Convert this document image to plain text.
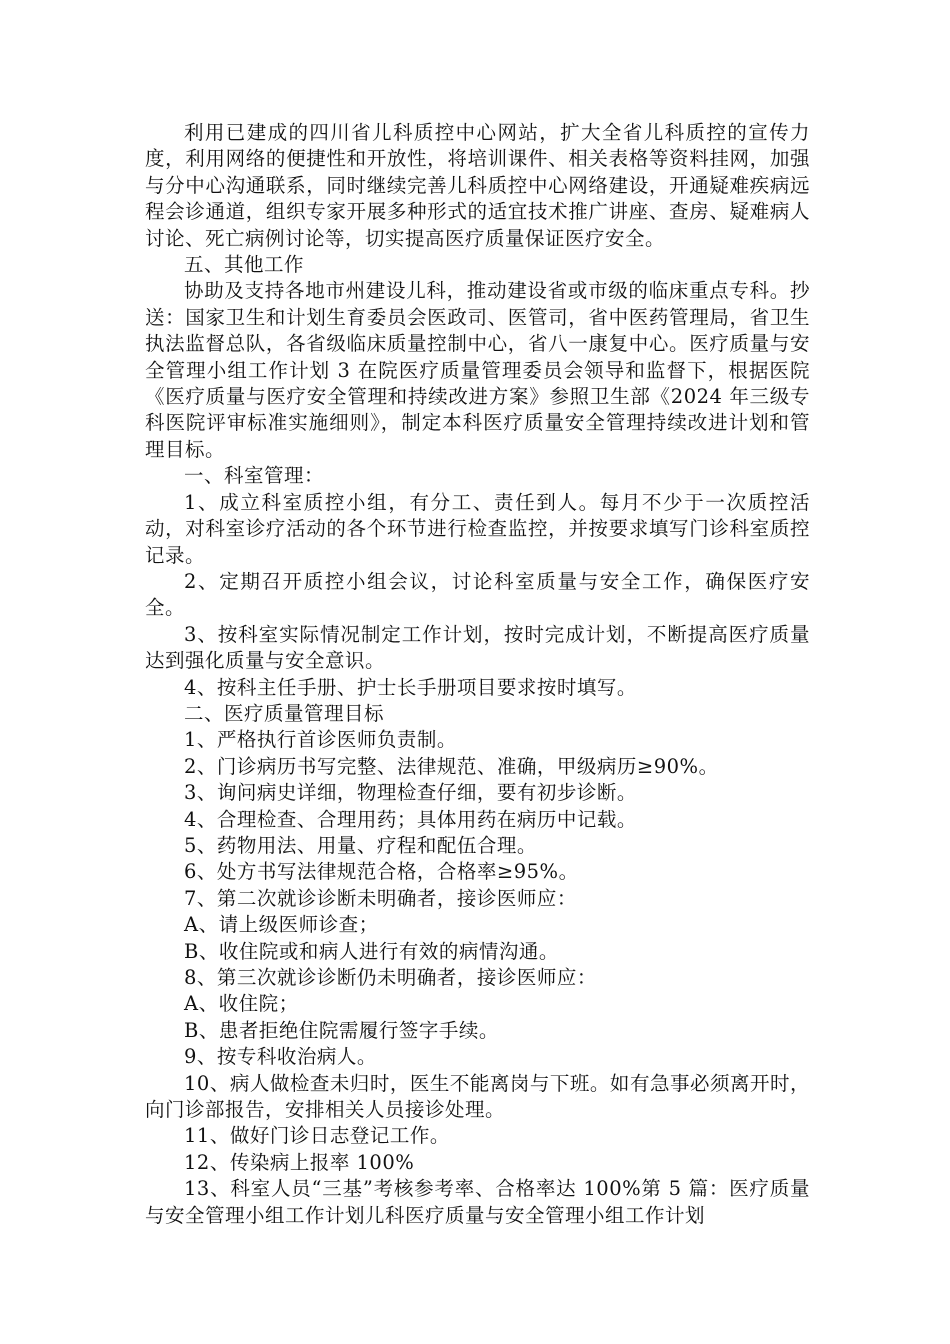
利用已建成的四川省儿科质控中心网站，扩大全省儿科质控的宣传力度，利用网络的便捷性和开放性，将培训课件、相关表格等资料挂网，加强与分中心沟通联系，同时继续完善儿科质控中心网络建设，开通疑难疾病远程会诊通道，组织专家开展多种形式的适宜技术推广讲座、查房、疑难病人讨论、死亡病例讨论等，切实提高医疗质量保证医疗安全。

五、其他工作

协助及支持各地市州建设儿科，推动建设省或市级的临床重点专科。抄送：国家卫生和计划生育委员会医政司、医管司，省中医药管理局，省卫生执法监督总队，各省级临床质量控制中心，省八一康复中心。医疗质量与安全管理小组工作计划 3 在院医疗质量管理委员会领导和监督下，根据医院《医疗质量与医疗安全管理和持续改进方案》参照卫生部《2024 年三级专科医院评审标准实施细则》，制定本科医疗质量安全管理持续改进计划和管理目标。

一、科室管理：

1、成立科室质控小组，有分工、责任到人。每月不少于一次质控活动，对科室诊疗活动的各个环节进行检查监控，并按要求填写门诊科室质控记录。

2、定期召开质控小组会议，讨论科室质量与安全工作，确保医疗安全。

3、按科室实际情况制定工作计划，按时完成计划，不断提高医疗质量达到强化质量与安全意识。

4、按科主任手册、护士长手册项目要求按时填写。

二、医疗质量管理目标

1、严格执行首诊医师负责制。

2、门诊病历书写完整、法律规范、准确，甲级病历≥90%。

3、询问病史详细，物理检查仔细，要有初步诊断。

4、合理检查、合理用药；具体用药在病历中记载。

5、药物用法、用量、疗程和配伍合理。

6、处方书写法律规范合格，合格率≥95%。

7、第二次就诊诊断未明确者，接诊医师应：

A、请上级医师诊查；

B、收住院或和病人进行有效的病情沟通。

8、第三次就诊诊断仍未明确者，接诊医师应：

A、收住院；

B、患者拒绝住院需履行签字手续。

9、按专科收治病人。

10、病人做检查未归时，医生不能离岗与下班。如有急事必须离开时，向门诊部报告，安排相关人员接诊处理。

11、做好门诊日志登记工作。

12、传染病上报率 100%

13、科室人员“三基”考核参考率、合格率达 100%第 5 篇：医疗质量与安全管理小组工作计划儿科医疗质量与安全管理小组工作计划
